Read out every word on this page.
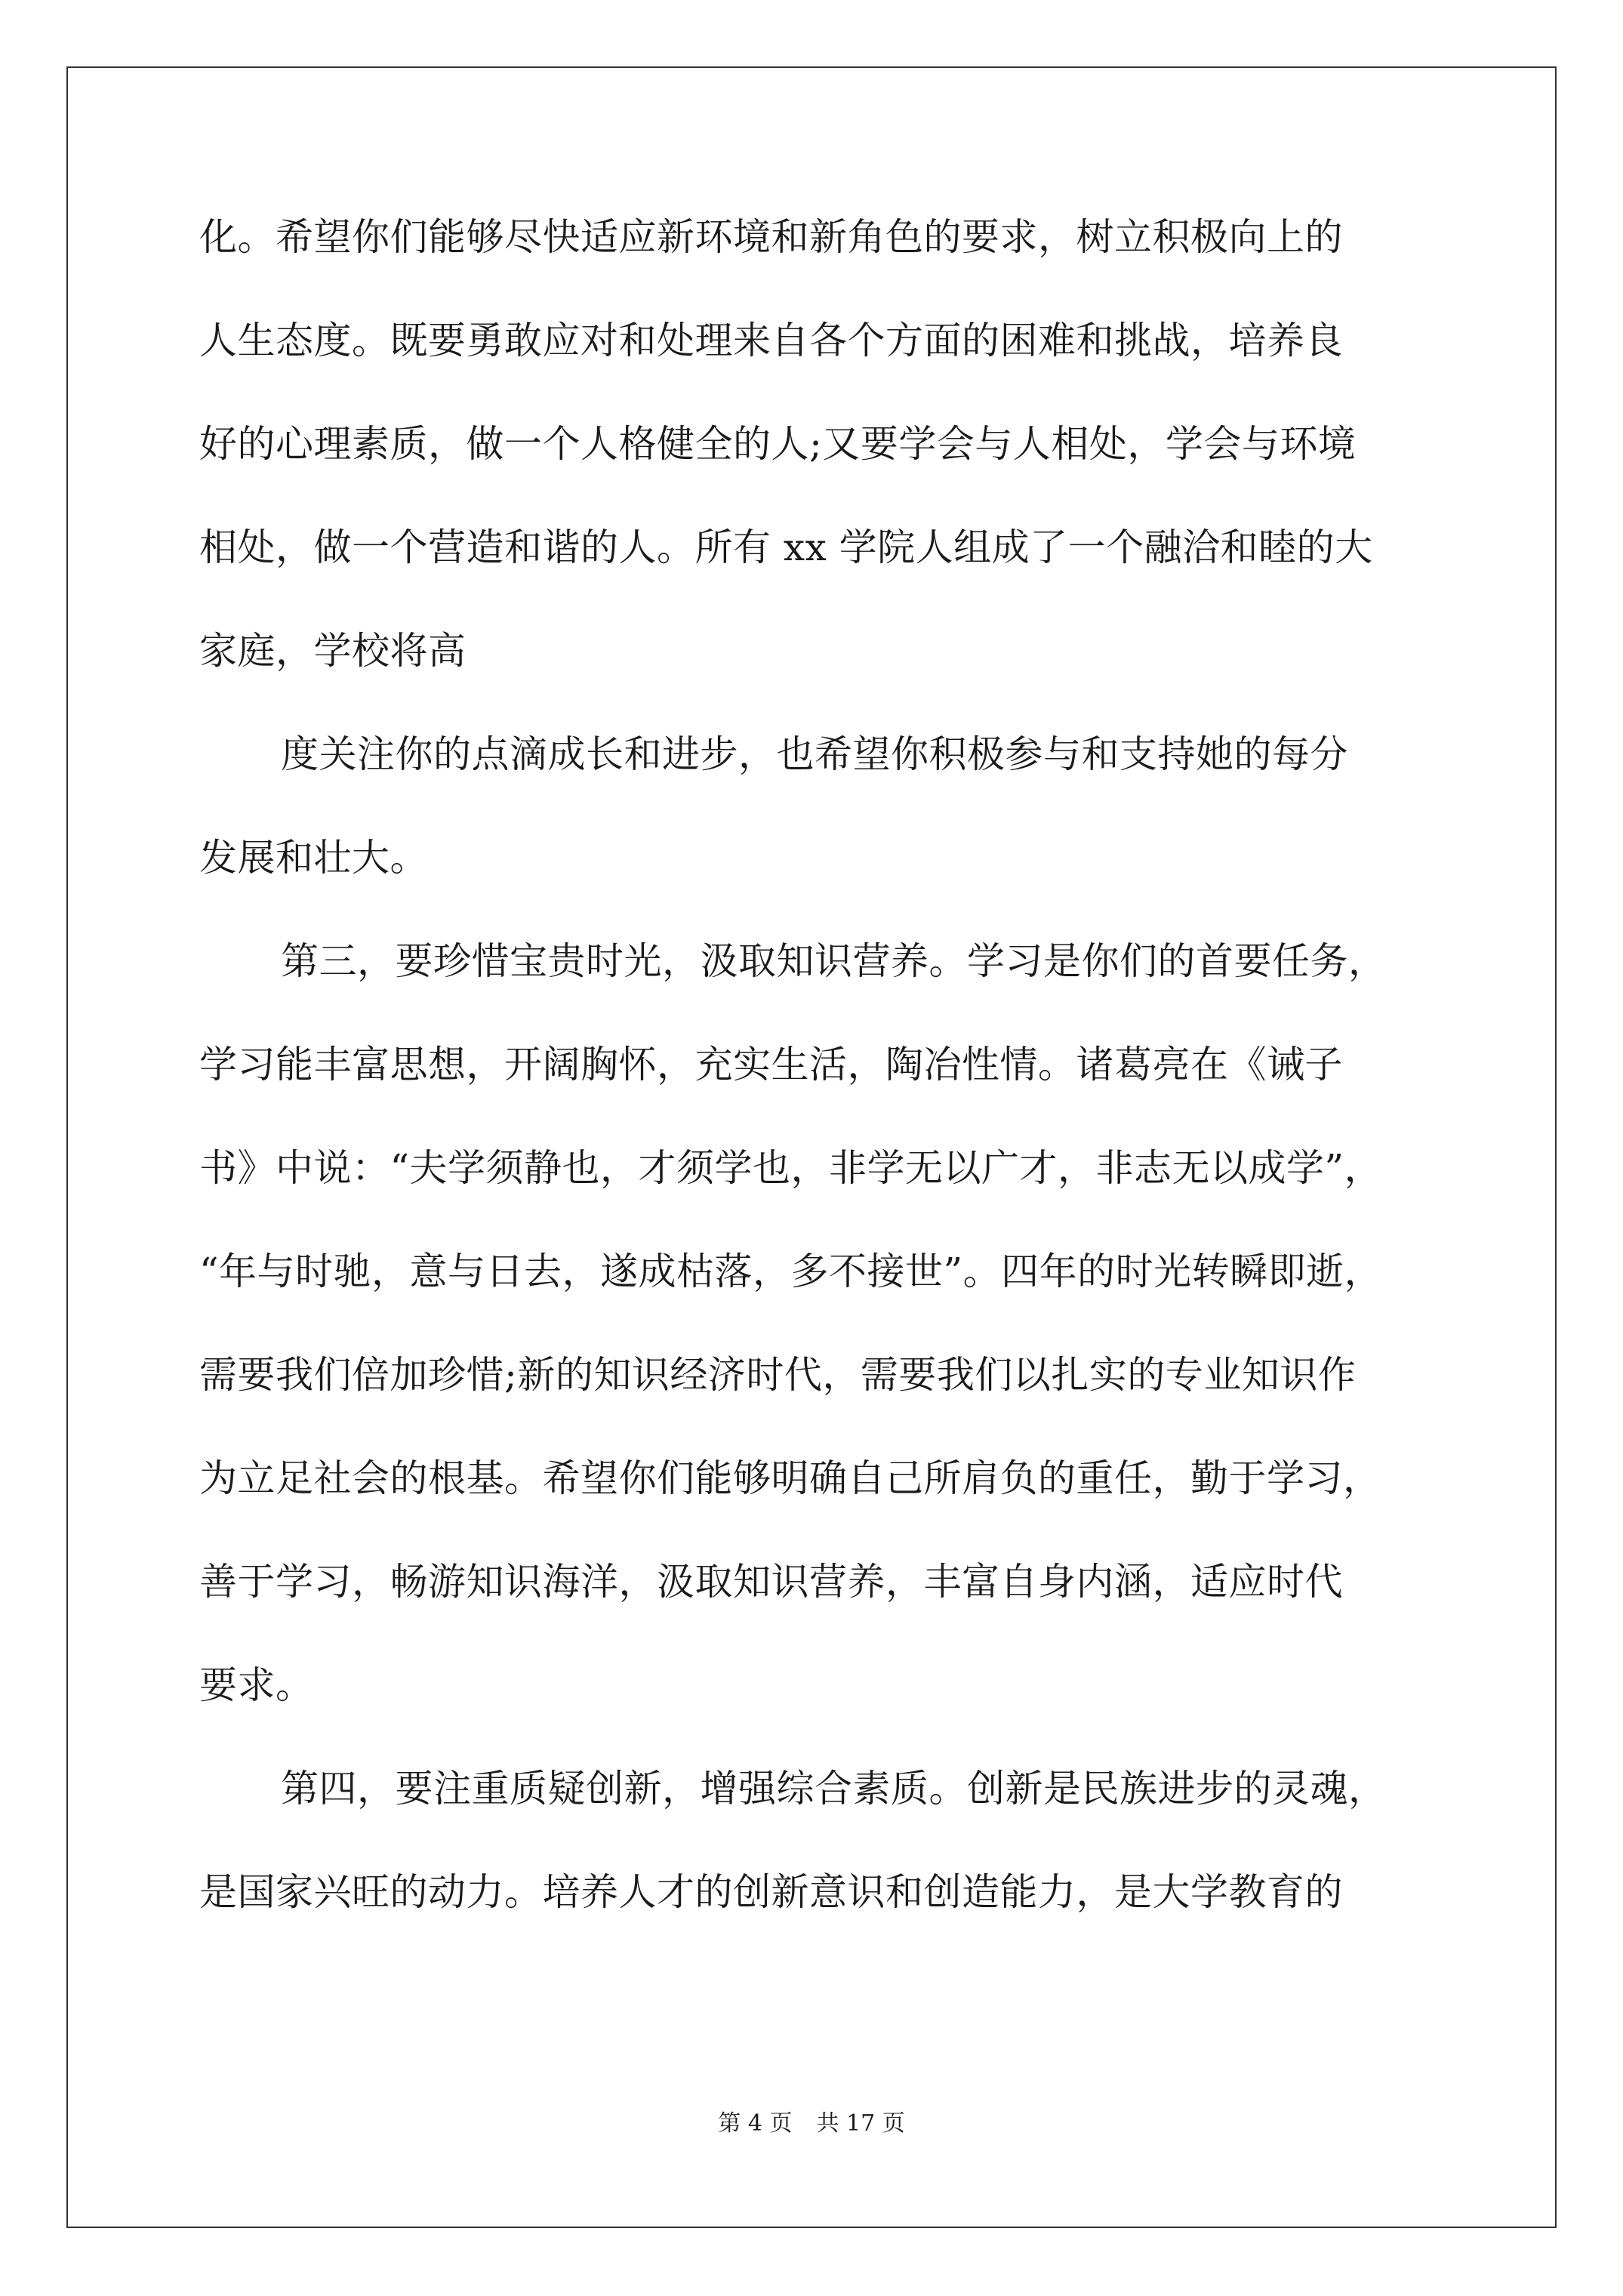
化。希望你们能够尽快适应新环境和新角色的要求，树立积极向上的
人生态度。既要勇敢应对和处理来自各个方面的困难和挑战，培养良
好的心理素质，做一个人格健全的人;又要学会与人相处，学会与环境
相处，做一个营造和谐的人。所有 xx 学院人组成了一个融洽和睦的大
家庭，学校将高
度关注你的点滴成长和进步，也希望你积极参与和支持她的每分
发展和壮大。
第三，要珍惜宝贵时光，汲取知识营养。学习是你们的首要任务，
学习能丰富思想，开阔胸怀，充实生活，陶冶性情。诸葛亮在《诫子
书》中说：“夫学须静也，才须学也，非学无以广才，非志无以成学”，
“年与时驰，意与日去，遂成枯落，多不接世”。四年的时光转瞬即逝，
需要我们倍加珍惜;新的知识经济时代，需要我们以扎实的专业知识作
为立足社会的根基。希望你们能够明确自己所肩负的重任，勤于学习，
善于学习，畅游知识海洋，汲取知识营养，丰富自身内涵，适应时代
要求。
第四，要注重质疑创新，增强综合素质。创新是民族进步的灵魂，
是国家兴旺的动力。培养人才的创新意识和创造能力，是大学教育的
第 4 页 共 17 页
